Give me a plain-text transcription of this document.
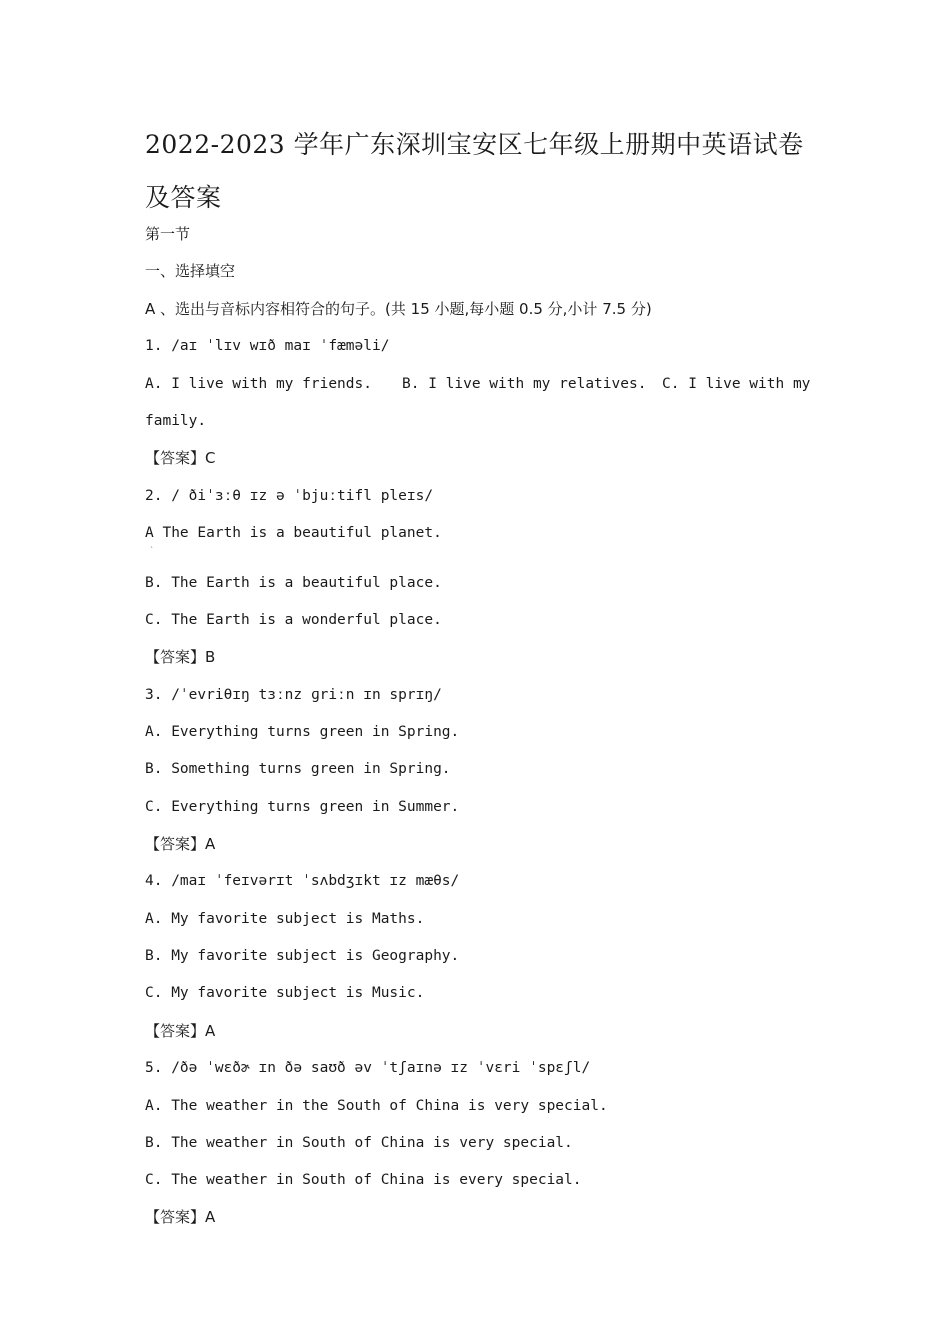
2022-2023 学年广东深圳宝安区七年级上册期中英语试卷及答案
第一节
一、选择填空
A 、选出与音标内容相符合的句子。(共 15 小题,每小题 0.5 分,小计 7.5 分)
1. /aɪ ˈlɪv wɪð maɪ ˈfæməli/

A. I live with my friends.

B. I live with my relatives.

C. I live with my

family.
【答案】C
2. / ðiˈɜːθ ɪz ə ˈbjuːtifl pleɪs/
A The Earth is a beautiful planet.
ˋ
B. The Earth is a beautiful place.
C. The Earth is a wonderful place.
【答案】B
3. /ˈevriθɪŋ tɜːnz ɡriːn ɪn sprɪŋ/
A. Everything turns green in Spring.
B. Something turns green in Spring.
C. Everything turns green in Summer.
【答案】A
4. /maɪ ˈfeɪvərɪt ˈsʌbdʒɪkt ɪz mæθs/
A. My favorite subject is Maths.
B. My favorite subject is Geography.
C. My favorite subject is Music.
【答案】A
5. /ðə ˈwɛðɚ ɪn ðə saʊð əv ˈtʃaɪnə ɪz ˈvɛri ˈspɛʃl/
A. The weather in the South of China is very special.
B. The weather in South of China is very special.
C. The weather in South of China is every special.
【答案】A
